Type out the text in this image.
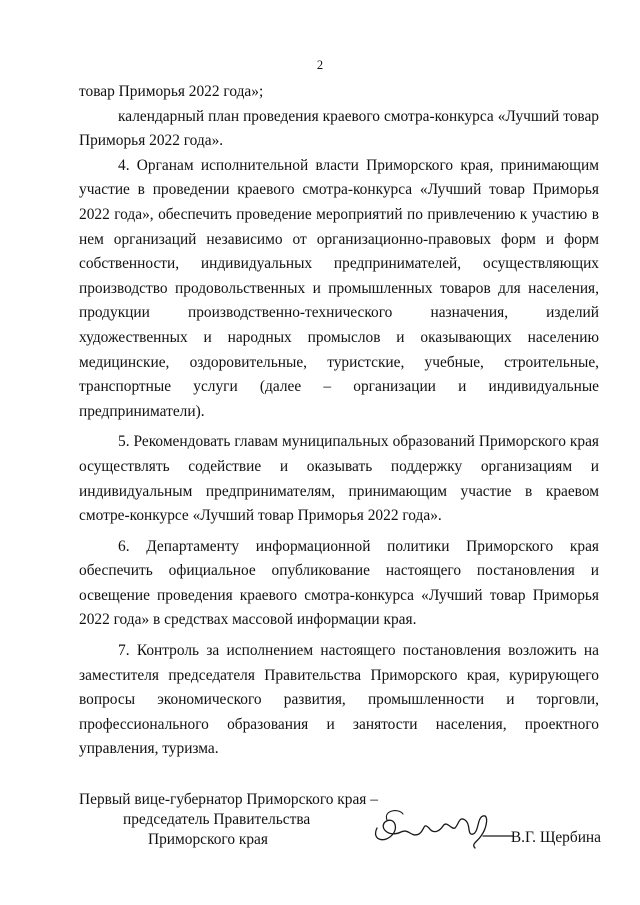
2

товар Приморья 2022 года»;

календарный план проведения краевого смотра-конкурса «Лучший товар Приморья 2022 года».

4. Органам исполнительной власти Приморского края, принимающим участие в проведении краевого смотра-конкурса «Лучший товар Приморья 2022 года», обеспечить проведение мероприятий по привлечению к участию в нем организаций независимо от организационно-правовых форм и форм собственности, индивидуальных предпринимателей, осуществляющих производство продовольственных и промышленных товаров для населения, продукции производственно-технического назначения, изделий художественных и народных промыслов и оказывающих населению медицинские, оздоровительные, туристские, учебные, строительные, транспортные услуги (далее – организации и индивидуальные предприниматели).

5. Рекомендовать главам муниципальных образований Приморского края осуществлять содействие и оказывать поддержку организациям и индивидуальным предпринимателям, принимающим участие в краевом смотре-конкурсе «Лучший товар Приморья 2022 года».

6. Департаменту информационной политики Приморского края обеспечить официальное опубликование настоящего постановления и освещение проведения краевого смотра-конкурса «Лучший товар Приморья 2022 года» в средствах массовой информации края.

7. Контроль за исполнением настоящего постановления возложить на заместителя председателя Правительства Приморского края, курирующего вопросы экономического развития, промышленности и торговли, профессионального образования и занятости населения, проектного управления, туризма.

Первый вице-губернатор Приморского края –
председатель Правительства
Приморского края	В.Г. Щербина
